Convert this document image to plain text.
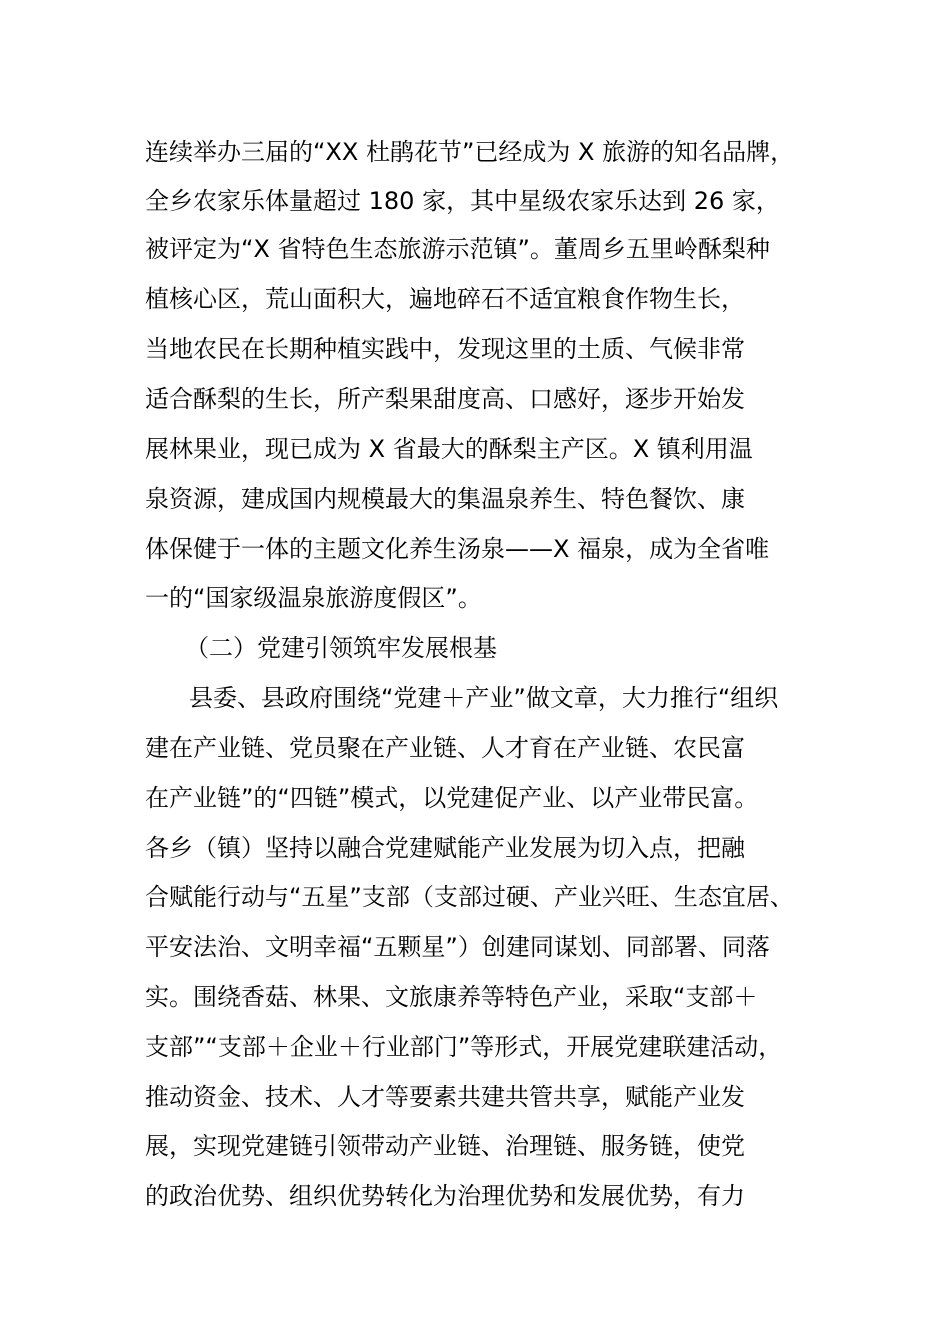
连续举办三届的“XX 杜鹃花节”已经成为 X 旅游的知名品牌，
全乡农家乐体量超过 180 家，其中星级农家乐达到 26 家，
被评定为“X 省特色生态旅游示范镇”。董周乡五里岭酥梨种
植核心区，荒山面积大，遍地碎石不适宜粮食作物生长，
当地农民在长期种植实践中，发现这里的土质、气候非常
适合酥梨的生长，所产梨果甜度高、口感好，逐步开始发
展林果业，现已成为 X 省最大的酥梨主产区。X 镇利用温
泉资源，建成国内规模最大的集温泉养生、特色餐饮、康
体保健于一体的主题文化养生汤泉——X 福泉，成为全省唯
一的“国家级温泉旅游度假区”。
（二）党建引领筑牢发展根基
县委、县政府围绕“党建＋产业”做文章，大力推行“组织
建在产业链、党员聚在产业链、人才育在产业链、农民富
在产业链”的“四链”模式，以党建促产业、以产业带民富。
各乡（镇）坚持以融合党建赋能产业发展为切入点，把融
合赋能行动与“五星”支部（支部过硬、产业兴旺、生态宜居、
平安法治、文明幸福“五颗星”）创建同谋划、同部署、同落
实。围绕香菇、林果、文旅康养等特色产业，采取“支部＋
支部”“支部＋企业＋行业部门”等形式，开展党建联建活动，
推动资金、技术、人才等要素共建共管共享，赋能产业发
展，实现党建链引领带动产业链、治理链、服务链，使党
的政治优势、组织优势转化为治理优势和发展优势，有力
